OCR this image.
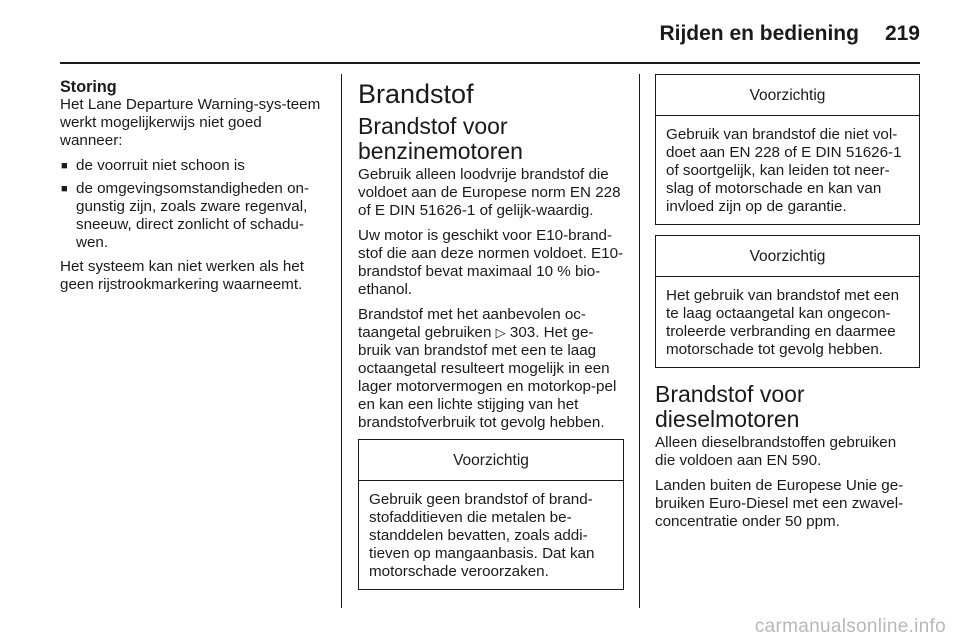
Rijden en bediening 219
Storing

Het Lane Departure Warning-sys-teem werkt mogelijkerwijs niet goed wanneer:

■ de voorruit niet schoon is
■ de omgevingsomstandigheden on-gunstig zijn, zoals zware regenval, sneeuw, direct zonlicht of schadu-wen.

Het systeem kan niet werken als het geen rijstrookmarkering waarneemt.

Brandstof
Brandstof voor benzinemotoren

Gebruik alleen loodvrije brandstof die voldoet aan de Europese norm EN 228 of E DIN 51626-1 of gelijk-waardig.

Uw motor is geschikt voor E10-brand-stof die aan deze normen voldoet. E10-brandstof bevat maximaal 10 % bio-ethanol.

Brandstof met het aanbevolen oc-taangetal gebruiken ▷ 303. Het ge-bruik van brandstof met een te laag octaangetal resulteert mogelijk in een lager motorvermogen en motorkop-pel en kan een lichte stijging van het brandstofverbruik tot gevolg hebben.

Voorzichtig

Gebruik geen brandstof of brand-stofadditieven die metalen be-standdelen bevatten, zoals addi-tieven op mangaanbasis. Dat kan motorschade veroorzaken.

Voorzichtig

Gebruik van brandstof die niet vol-doet aan EN 228 of E DIN 51626-1 of soortgelijk, kan leiden tot neer-slag of motorschade en kan van invloed zijn op de garantie.

Voorzichtig

Het gebruik van brandstof met een te laag octaangetal kan ongecon-troleerde verbranding en daarmee motorschade tot gevolg hebben.

Brandstof voor dieselmotoren

Alleen dieselbrandstoffen gebruiken die voldoen aan EN 590.

Landen buiten de Europese Unie ge-bruiken Euro-Diesel met een zwavel-concentratie onder 50 ppm.

carmanualsonline.info
